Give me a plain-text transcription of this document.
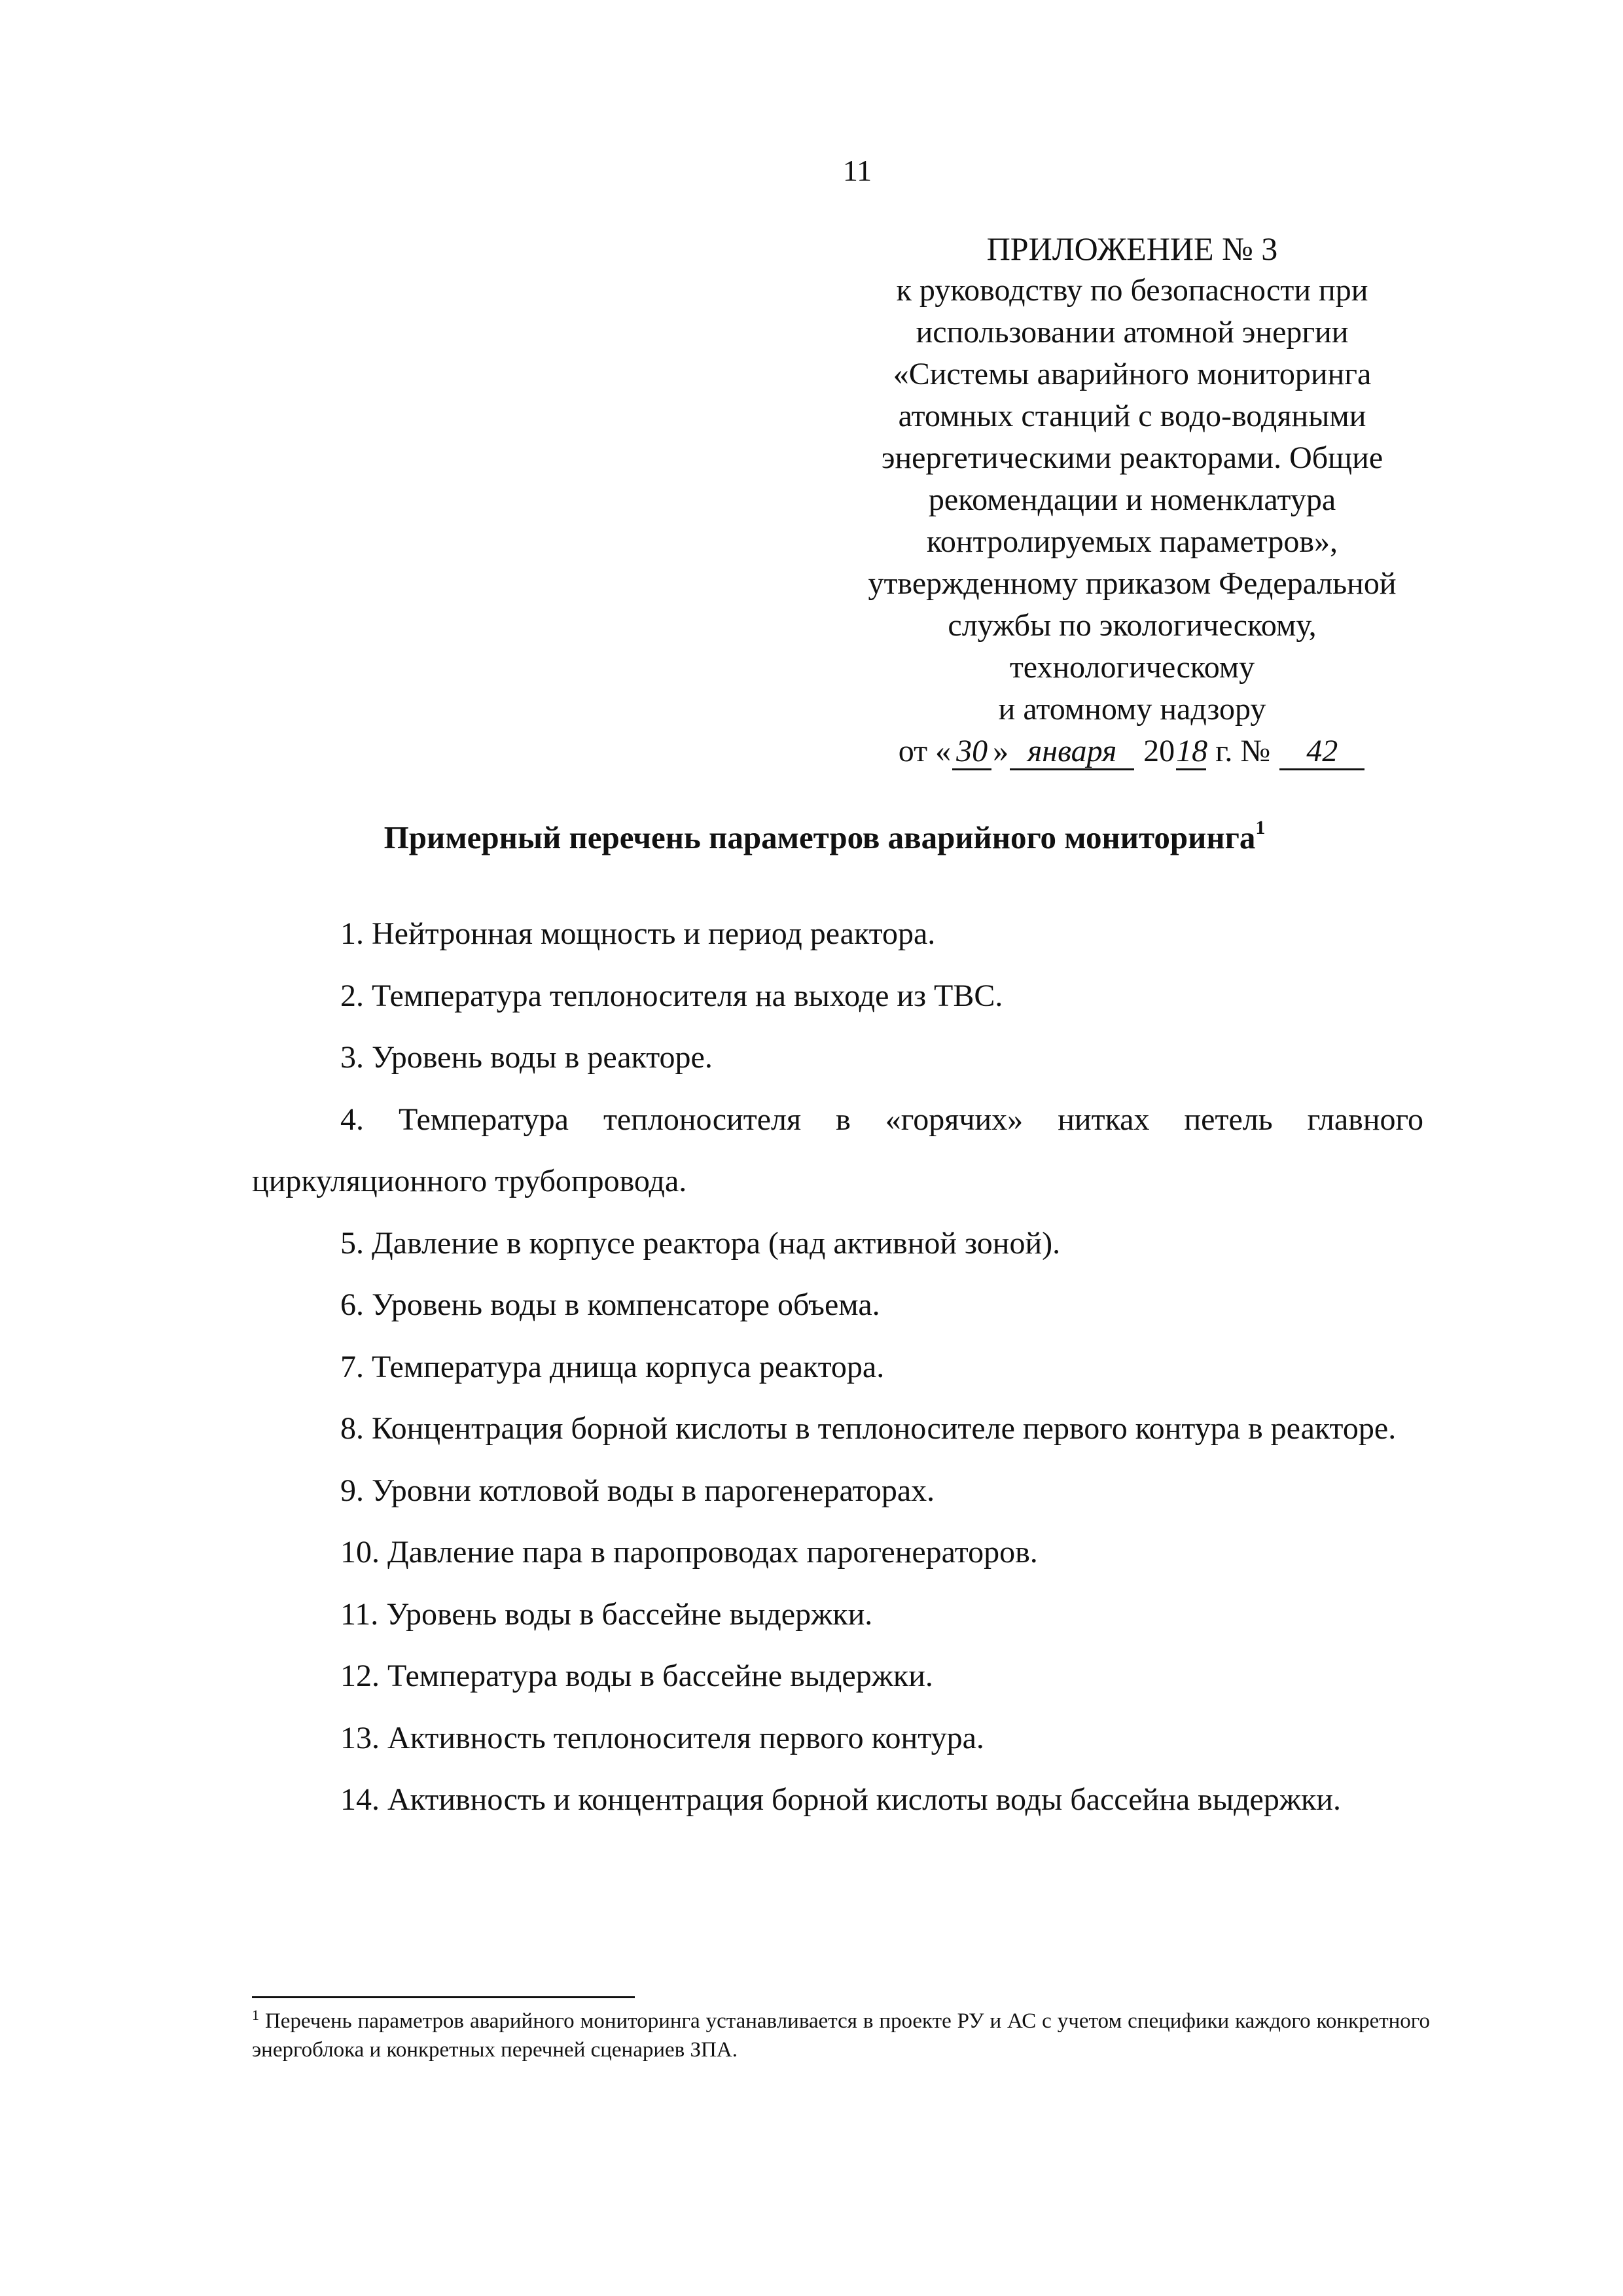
11
ПРИЛОЖЕНИЕ № 3
к руководству по безопасности при
использовании атомной энергии
«Системы аварийного мониторинга
атомных станций с водо-водяными
энергетическими реакторами. Общие
рекомендации и номенклатура
контролируемых параметров»,
утвержденному приказом Федеральной
службы по экологическому,
технологическому
и атомному надзору
от « 30 » января 2018 г. № 42
Примерный перечень параметров аварийного мониторинга$^1$

1. Нейтронная мощность и период реактора.

2. Температура теплоносителя на выходе из ТВС.

3. Уровень воды в реакторе.

4. Температура теплоносителя в «горячих» нитках петель главного циркуляционного трубопровода.

5. Давление в корпусе реактора (над активной зоной).

6. Уровень воды в компенсаторе объема.

7. Температура днища корпуса реактора.

8. Концентрация борной кислоты в теплоносителе первого контура в реакторе.

9. Уровни котловой воды в парогенераторах.

10. Давление пара в паропроводах парогенераторов.

11. Уровень воды в бассейне выдержки.

12. Температура воды в бассейне выдержки.

13. Активность теплоносителя первого контура.

14. Активность и концентрация борной кислоты воды бассейна выдержки.

$^1$ Перечень параметров аварийного мониторинга устанавливается в проекте РУ и АС с учетом специфики каждого конкретного энергоблока и конкретных перечней сценариев ЗПА.
